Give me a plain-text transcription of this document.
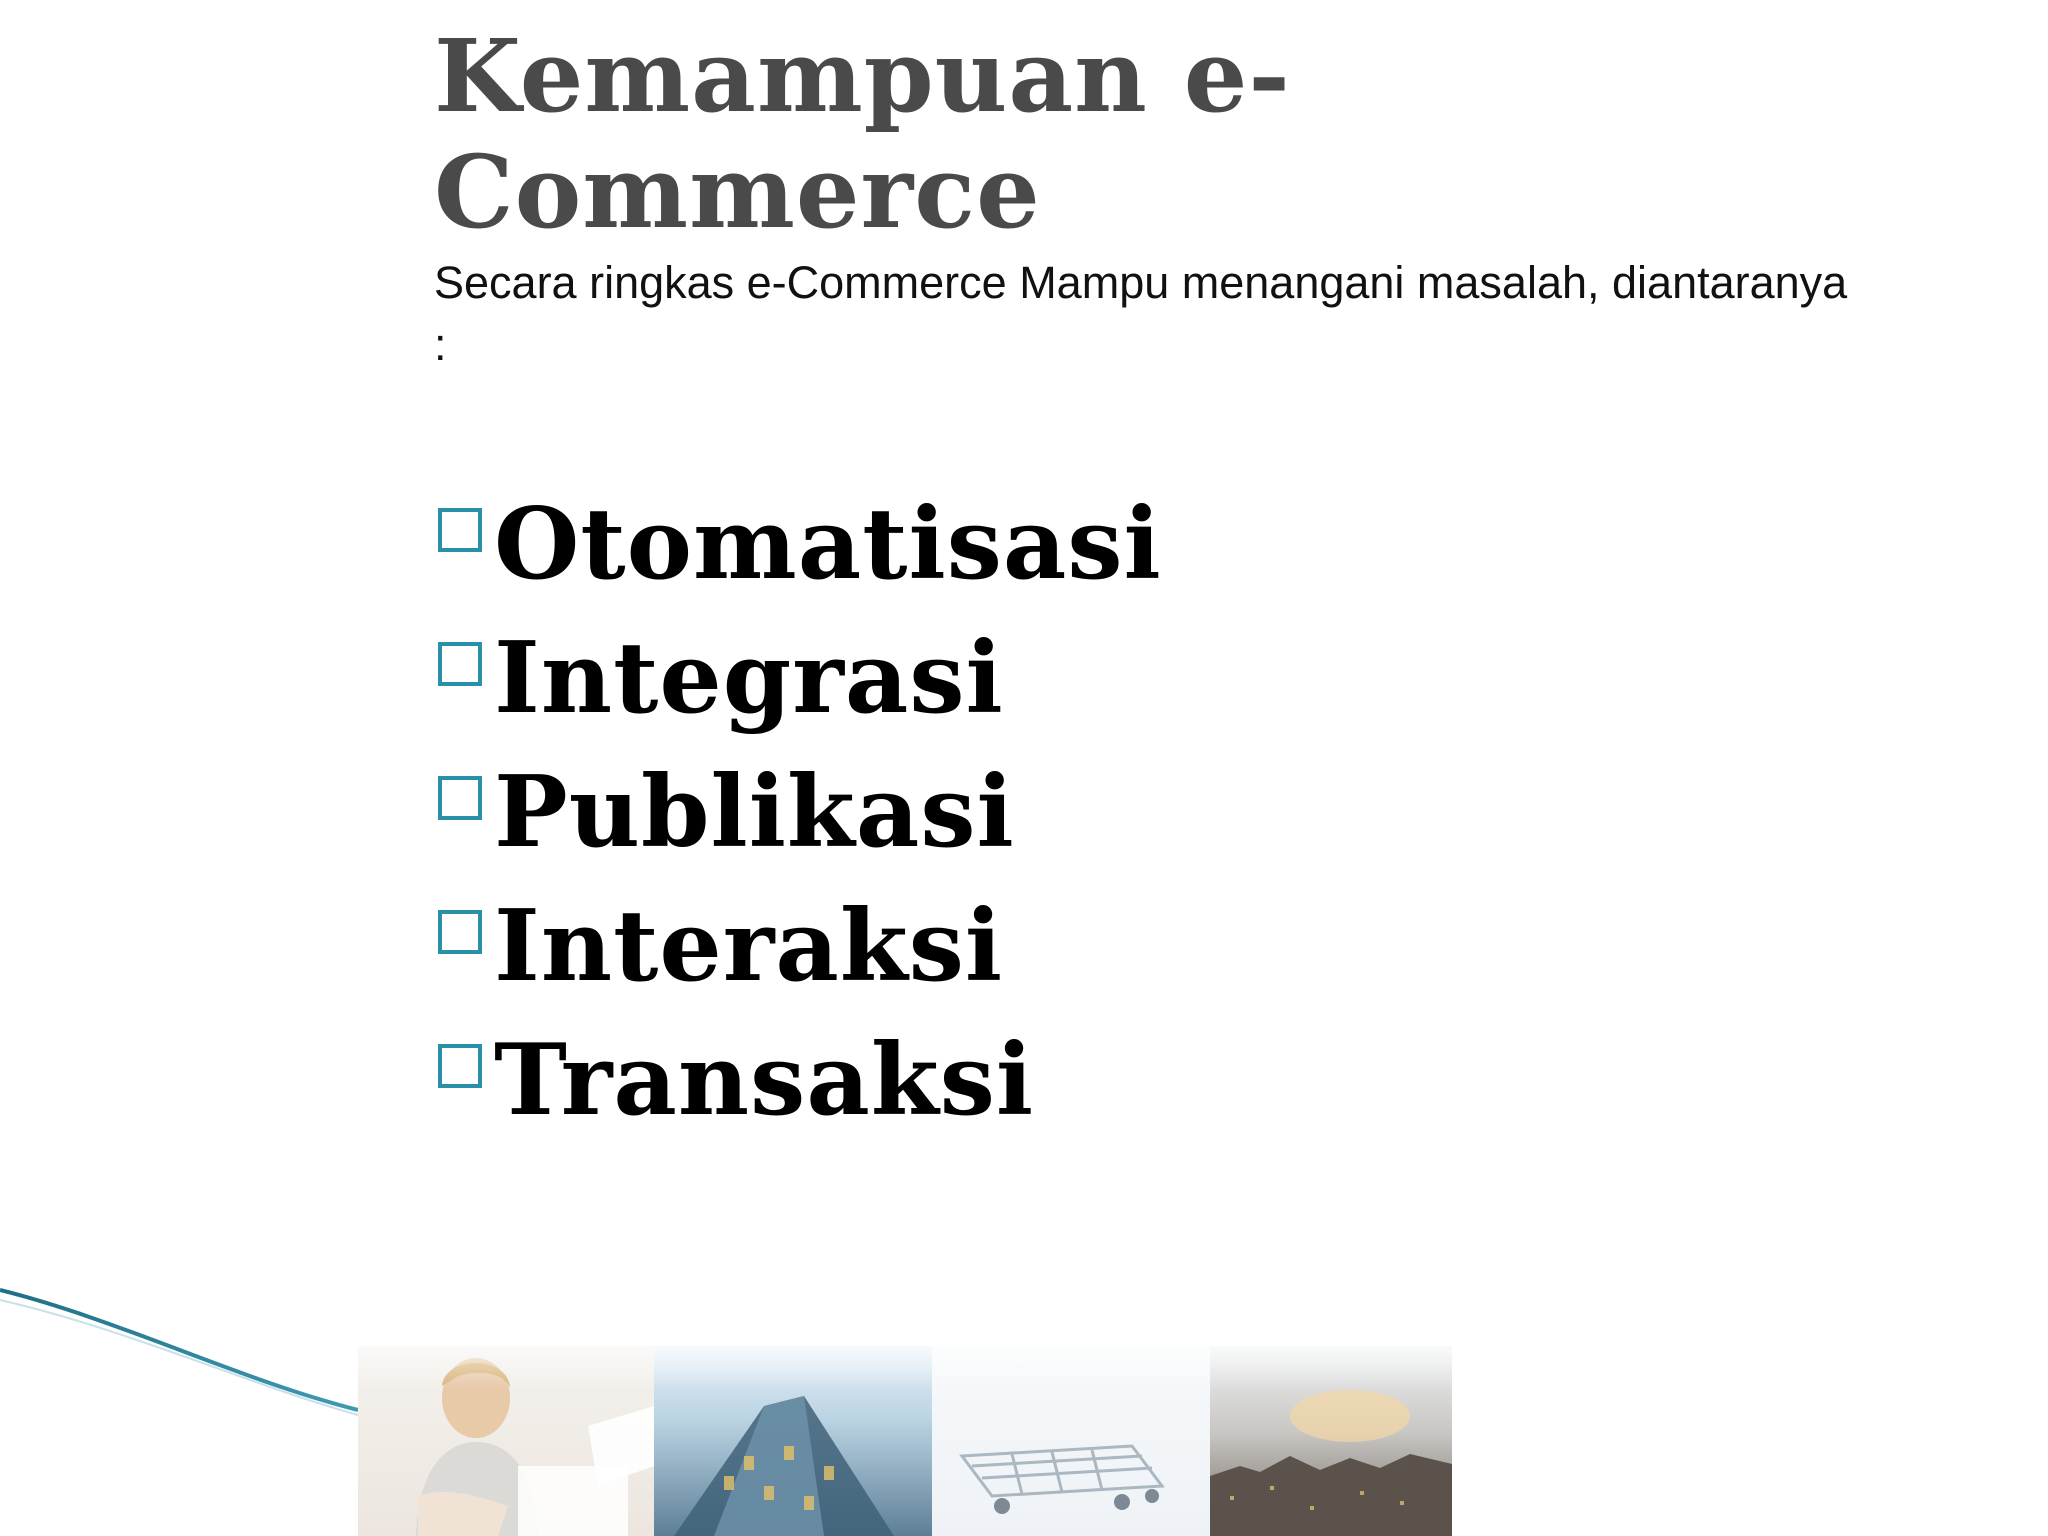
Kemampuan e-Commerce

Secara ringkas e-Commerce Mampu menangani masalah, diantaranya :

Otomatisasi
Integrasi
Publikasi
Interaksi
Transaksi
